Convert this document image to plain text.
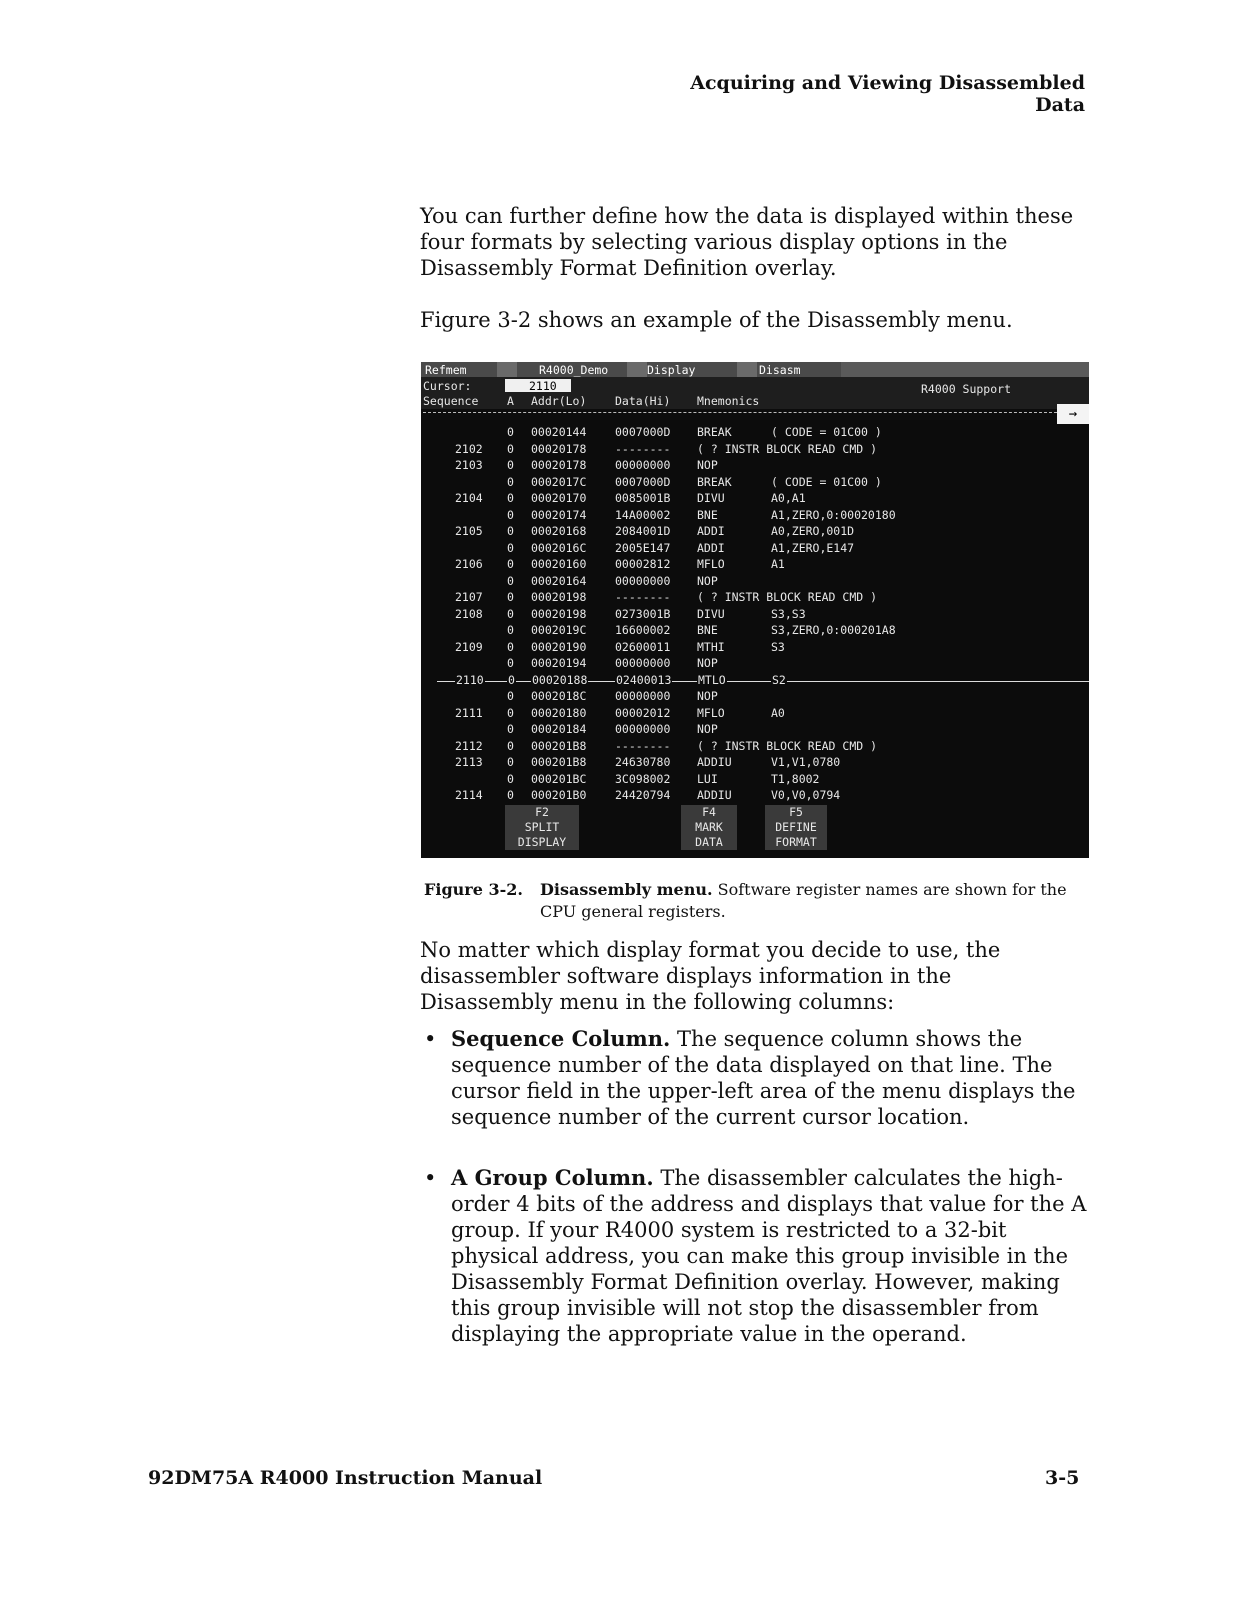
Acquiring and Viewing Disassembled Data

You can further define how the data is displayed within these four formats by selecting various display options in the Disassembly Format Definition overlay.

Figure 3-2 shows an example of the Disassembly menu.

Refmem	R4000_Demo	Display	Disasm
Cursor:	2110	R4000 Support
Sequence A Addr(Lo) Data(Hi) Mnemonics
→
0 00020144 0007000D BREAK	( CODE = 01C00 )
2102 0 00020178 -------- ( ? INSTR BLOCK READ CMD )
2103 0 00020178 00000000 NOP
0 0002017C 0007000D BREAK	( CODE = 01C00 )
2104 0 00020170 0085001B DIVU	A0,A1
0 00020174 14A00002 BNE	A1,ZERO,0:00020180
2105 0 00020168 2084001D ADDI	A0,ZERO,001D
0 0002016C 2005E147 ADDI	A1,ZERO,E147
2106 0 00020160 00002812 MFLO	A1
0 00020164 00000000 NOP
2107 0 00020198 -------- ( ? INSTR BLOCK READ CMD )
2108 0 00020198 0273001B DIVU	S3,S3
0 0002019C 16600002 BNE	S3,ZERO,0:000201A8
2109 0 00020190 02600011 MTHI	S3
0 00020194 00000000 NOP
2110 0 00020188 02400013 MTLO	S2
0 0002018C 00000000 NOP
2111 0 00020180 00002012 MFLO	A0
0 00020184 00000000 NOP
2112 0 000201B8 -------- ( ? INSTR BLOCK READ CMD )
2113 0 000201B8 24630780 ADDIU	V1,V1,0780
0 000201BC 3C098002 LUI	T1,8002
2114 0 000201B0 24420794 ADDIU	V0,V0,0794
F2
SPLIT
DISPLAY
F4
MARK
DATA
F5
DEFINE
FORMAT
Figure 3-2. Disassembly menu. Software register names are shown for the CPU general registers.

No matter which display format you decide to use, the disassembler software displays information in the Disassembly menu in the following columns:

• Sequence Column. The sequence column shows the sequence number of the data displayed on that line. The cursor field in the upper-left area of the menu displays the sequence number of the current cursor location.
• A Group Column. The disassembler calculates the high-order 4 bits of the address and displays that value for the A group. If your R4000 system is restricted to a 32-bit physical address, you can make this group invisible in the Disassembly Format Definition overlay. However, making this group invisible will not stop the disassembler from displaying the appropriate value in the operand.
92DM75A R4000 Instruction Manual	3-5
